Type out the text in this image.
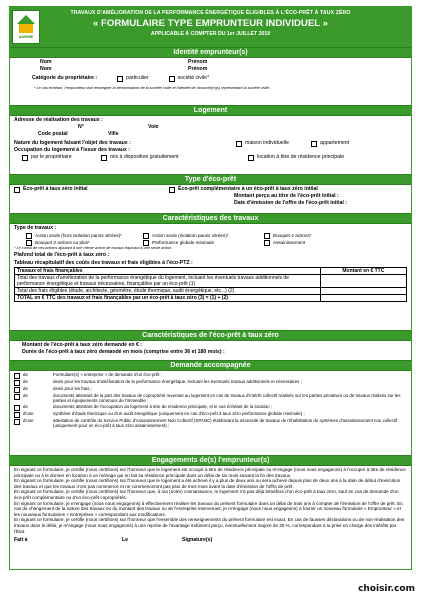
ADEME
TRAVAUX D'AMÉLIORATION DE LA PERFORMANCE ÉNERGÉTIQUE ÉLIGIBLES À L'ÉCO-PRÊT À TAUX ZÉRO
« FORMULAIRE TYPE EMPRUNTEUR INDIVIDUEL »
APPLICABLE À COMPTER DU 1er JUILLET 2019
Identité emprunteur(s)
Nom	Prénom
Nom	Prénom
Catégorie du propriétaire :	particulier	société civile*
* Le cas échéant, l'emprunteur doit renseigner la dénomination de la société civile et l'identité de l'associé(e)(s) représentant la société civile.
Logement
Adresse de réalisation des travaux :
N°	Voie
Code postal	Ville
Nature du logement faisant l'objet des travaux :	maison individuelle	appartement
Occupation du logement à l'issue des travaux :
par le propriétaire	mis à disposition gratuitement	location à titre de résidence principale
Type d'éco-prêt
Éco-prêt à taux zéro initial	Éco-prêt complémentaire à un éco-prêt à taux zéro initial
Montant perçu au titre de l'éco-prêt initial :
Date d'émission de l'offre de l'éco-prêt initial :
Caractéristiques des travaux
Type de travaux :
Action seule (hors isolation parois vitrées)*	Action seule (isolation parois vitrées)*	Bouquet 2 actions*
Bouquet 3 actions ou plus*	Performance globale minimale	Assainissement
* Le cumul de ces actions ajoutant à une même action de travaux équivaut à une seule action.
Plafond total de l'éco-prêt à taux zéro :
Tableau récapitulatif des coûts des travaux et frais éligibles à l'éco-PTZ :
Travaux et frais finançables	Montant en € TTC
Total des travaux d'amélioration de la performance énergétique du logement, incluant les éventuels travaux additionnels de performance énergétique et travaux nécessaires, finançables par un éco-prêt (1)	
Total des frais éligibles (étude, architecte, géomètre, étude thermique, audit énergétique, etc...) (2)	
TOTAL en € TTC des travaux et frais finançables par un éco-prêt à taux zéro (3) = (1) + (2)	
Caractéristiques de l'éco-prêt à taux zéro
Montant de l'éco-prêt à taux zéro demandé en € :
Durée de l'éco-prêt à taux zéro demandé en mois (comprise entre 36 et 180 mois) :
Demande accompagnée
de	Formulaire(s) « entreprise » de demande d'un éco-prêt ;
de	devis pour les travaux d'amélioration de la performance énergétique, incluant les éventuels travaux additionnels et nécessaires ;
de	devis pour les frais ;
de	documents attestant de la part des travaux de copropriété revenant au logement en cas de travaux d'intérêt collectif réalisés sur les parties privatives ou de travaux réalisés sur les parties et équipements communs de l'immeuble ;
de	documents attestant de l'occupation du logement à titre de résidence principale, et le cas échéant de la location ;
d'une	synthèse d'étude thermique ou d'un audit énergétique (uniquement en cas d'éco-prêt à taux zéro performance globale minimale) ;
d'une	attestation de contrôle du Service Public d'Assainissement Non Collectif (SPANC) établissant la nécessité de travaux de réhabilitation de systèmes d'assainissement non collectif (uniquement pour un éco-prêt à taux zéro assainissement) ;
Engagements de(s) l'emprunteur(s)

En signant ce formulaire, je certifie (nous certifions) sur l'honneur que le logement est occupé à titre de résidence principale ou m'engage (nous nous engageons) à l'occuper à titre de résidence principale ou à le donner en location à un ménage qui en fait sa résidence principale dans un délai de six mois suivant la fin des travaux.

En signant ce formulaire, je certifie (nous certifions) sur l'honneur que le logement a été achevé il y a plus de deux ans ou sera achevé depuis plus de deux ans à la date de début d'exécution des travaux et que les travaux n'ont pas commencé et ne commenceront pas plus de trois mois avant la date d'émission de l'offre de prêt.

En signant ce formulaire, je certifie (nous certifions) sur l'honneur que, à ma (notre) connaissance, le logement n'a pas déjà bénéficié d'un éco-prêt à taux zéro, sauf en cas de demande d'un éco-prêt complémentaire ou d'un éco-prêt copropriétés.

En signant ce formulaire, je m'engage (nous nous engageons) à effectivement réaliser les travaux du présent formulaire dans un délai de trois ans à compter de l'émission de l'offre de prêt. En cas de changement de la nature des travaux ou du montant des travaux ou de l'entreprise intervenant, je m'engage (nous nous engageons) à fournir un nouveau formulaire « Emprunteur » et les nouveaux formulaires « Entreprises » correspondant aux modifications.

En signant ce formulaire, je certifie (nous certifions) sur l'honneur que l'ensemble des renseignements du présent formulaire est exact. En cas de fausses déclarations ou de non-réalisation des travaux dans le délai, je m'engage (nous nous engageons) à une reprise de l'avantage indûment perçu, éventuellement majoré de 25 %, correspondant à la prise en charge des intérêts par l'État.

Fait à	Le	Signature(s)
choisir.com
